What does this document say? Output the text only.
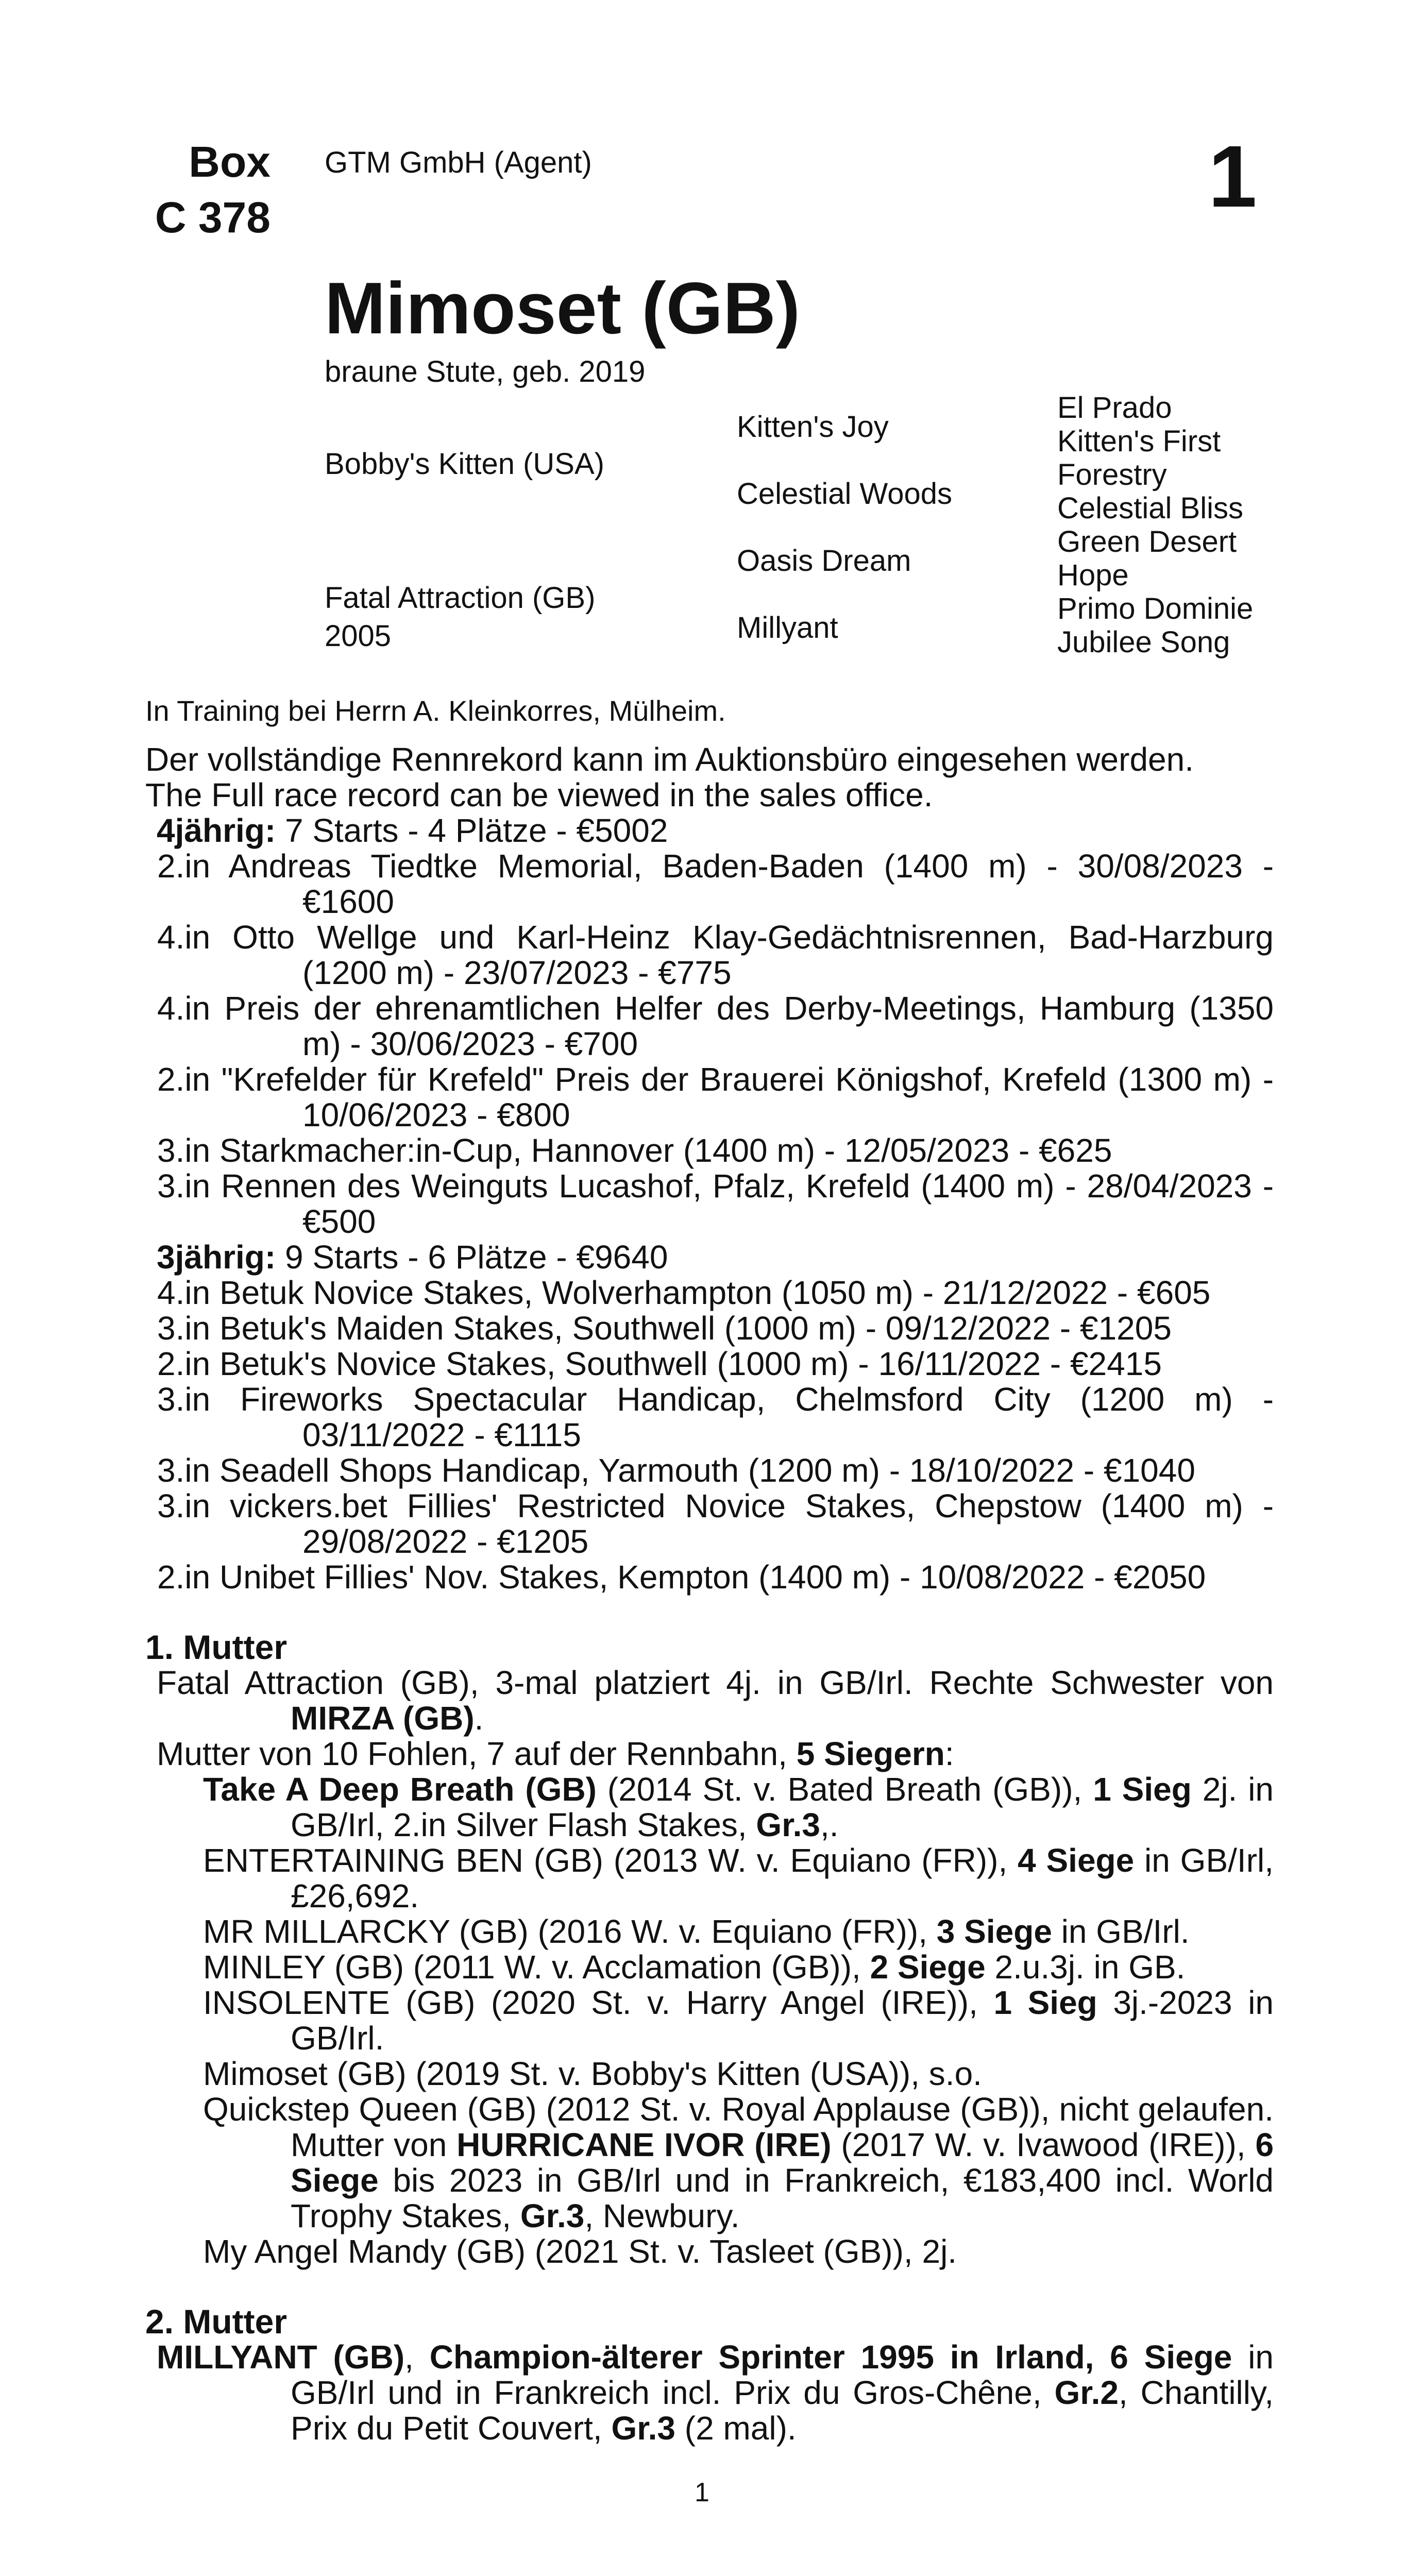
Box
C 378
GTM GmbH (Agent)	1
Mimoset (GB)
braune Stute, geb. 2019
Bobby's Kitten (USA)
Fatal Attraction (GB)
2005
Kitten's Joy
Celestial Woods
Oasis Dream
Millyant
El Prado
Kitten's First
Forestry
Celestial Bliss
Green Desert
Hope
Primo Dominie
Jubilee Song

In Training bei Herrn A. Kleinkorres, Mülheim.

Der vollständige Rennrekord kann im Auktionsbüro eingesehen werden.

The Full race record can be viewed in the sales office.

4jährig: 7 Starts - 4 Plätze - €5002

2.in Andreas Tiedtke Memorial, Baden-Baden (1400 m) - 30/08/2023 - €1600

4.in Otto Wellge und Karl-Heinz Klay-Gedächtnisrennen, Bad-Harzburg (1200 m) - 23/07/2023 - €775

4.in Preis der ehrenamtlichen Helfer des Derby-Meetings, Hamburg (1350 m) - 30/06/2023 - €700

2.in "Krefelder für Krefeld" Preis der Brauerei Königshof, Krefeld (1300 m) - 10/06/2023 - €800

3.in Starkmacher:in-Cup, Hannover (1400 m) - 12/05/2023 - €625

3.in Rennen des Weinguts Lucashof, Pfalz, Krefeld (1400 m) - 28/04/2023 - €500

3jährig: 9 Starts - 6 Plätze - €9640

4.in Betuk Novice Stakes, Wolverhampton (1050 m) - 21/12/2022 - €605

3.in Betuk's Maiden Stakes, Southwell (1000 m) - 09/12/2022 - €1205

2.in Betuk's Novice Stakes, Southwell (1000 m) - 16/11/2022 - €2415

3.in Fireworks Spectacular Handicap, Chelmsford City (1200 m) - 03/11/2022 - €1115

3.in Seadell Shops Handicap, Yarmouth (1200 m) - 18/10/2022 - €1040

3.in vickers.bet Fillies' Restricted Novice Stakes, Chepstow (1400 m) - 29/08/2022 - €1205

2.in Unibet Fillies' Nov. Stakes, Kempton (1400 m) - 10/08/2022 - €2050

1. Mutter

Fatal Attraction (GB), 3-mal platziert 4j. in GB/Irl. Rechte Schwester von MIRZA (GB).

Mutter von 10 Fohlen, 7 auf der Rennbahn, 5 Siegern:

Take A Deep Breath (GB) (2014 St. v. Bated Breath (GB)), 1 Sieg 2j. in GB/Irl, 2.in Silver Flash Stakes, Gr.3,.

ENTERTAINING BEN (GB) (2013 W. v. Equiano (FR)), 4 Siege in GB/Irl, £26,692.

MR MILLARCKY (GB) (2016 W. v. Equiano (FR)), 3 Siege in GB/Irl.

MINLEY (GB) (2011 W. v. Acclamation (GB)), 2 Siege 2.u.3j. in GB.

INSOLENTE (GB) (2020 St. v. Harry Angel (IRE)), 1 Sieg 3j.-2023 in GB/Irl.

Mimoset (GB) (2019 St. v. Bobby's Kitten (USA)), s.o.

Quickstep Queen (GB) (2012 St. v. Royal Applause (GB)), nicht gelaufen. Mutter von HURRICANE IVOR (IRE) (2017 W. v. Ivawood (IRE)), 6 Siege bis 2023 in GB/Irl und in Frankreich, €183,400 incl. World Trophy Stakes, Gr.3, Newbury.

My Angel Mandy (GB) (2021 St. v. Tasleet (GB)), 2j.

2. Mutter

MILLYANT (GB), Champion-älterer Sprinter 1995 in Irland, 6 Siege in GB/Irl und in Frankreich incl. Prix du Gros-Chêne, Gr.2, Chantilly, Prix du Petit Couvert, Gr.3 (2 mal).

1
